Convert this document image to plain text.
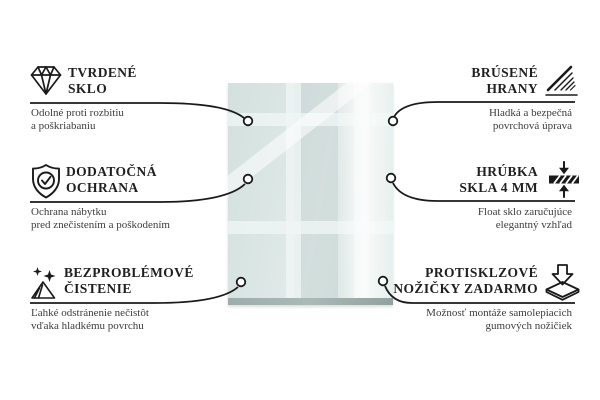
TVRDENÉ
SKLO
Odolné proti rozbitiu
a poškriabaniu
DODATOČNÁ
OCHRANA
Ochrana nábytku
pred znečistením a poškodením
BEZPROBLÉMOVÉ
ČISTENIE
Ľahké odstránenie nečistôt
vďaka hladkému povrchu
BRÚSENÉ
HRANY
Hladká a bezpečná
povrchová úprava
HRÚBKA
SKLA 4 MM
Float sklo zaručujúce
elegantný vzhľad
PROTISKLZOVÉ
NOŽIČKY ZADARMO
Možnosť montáže samolepiacich
gumových nožičiek
